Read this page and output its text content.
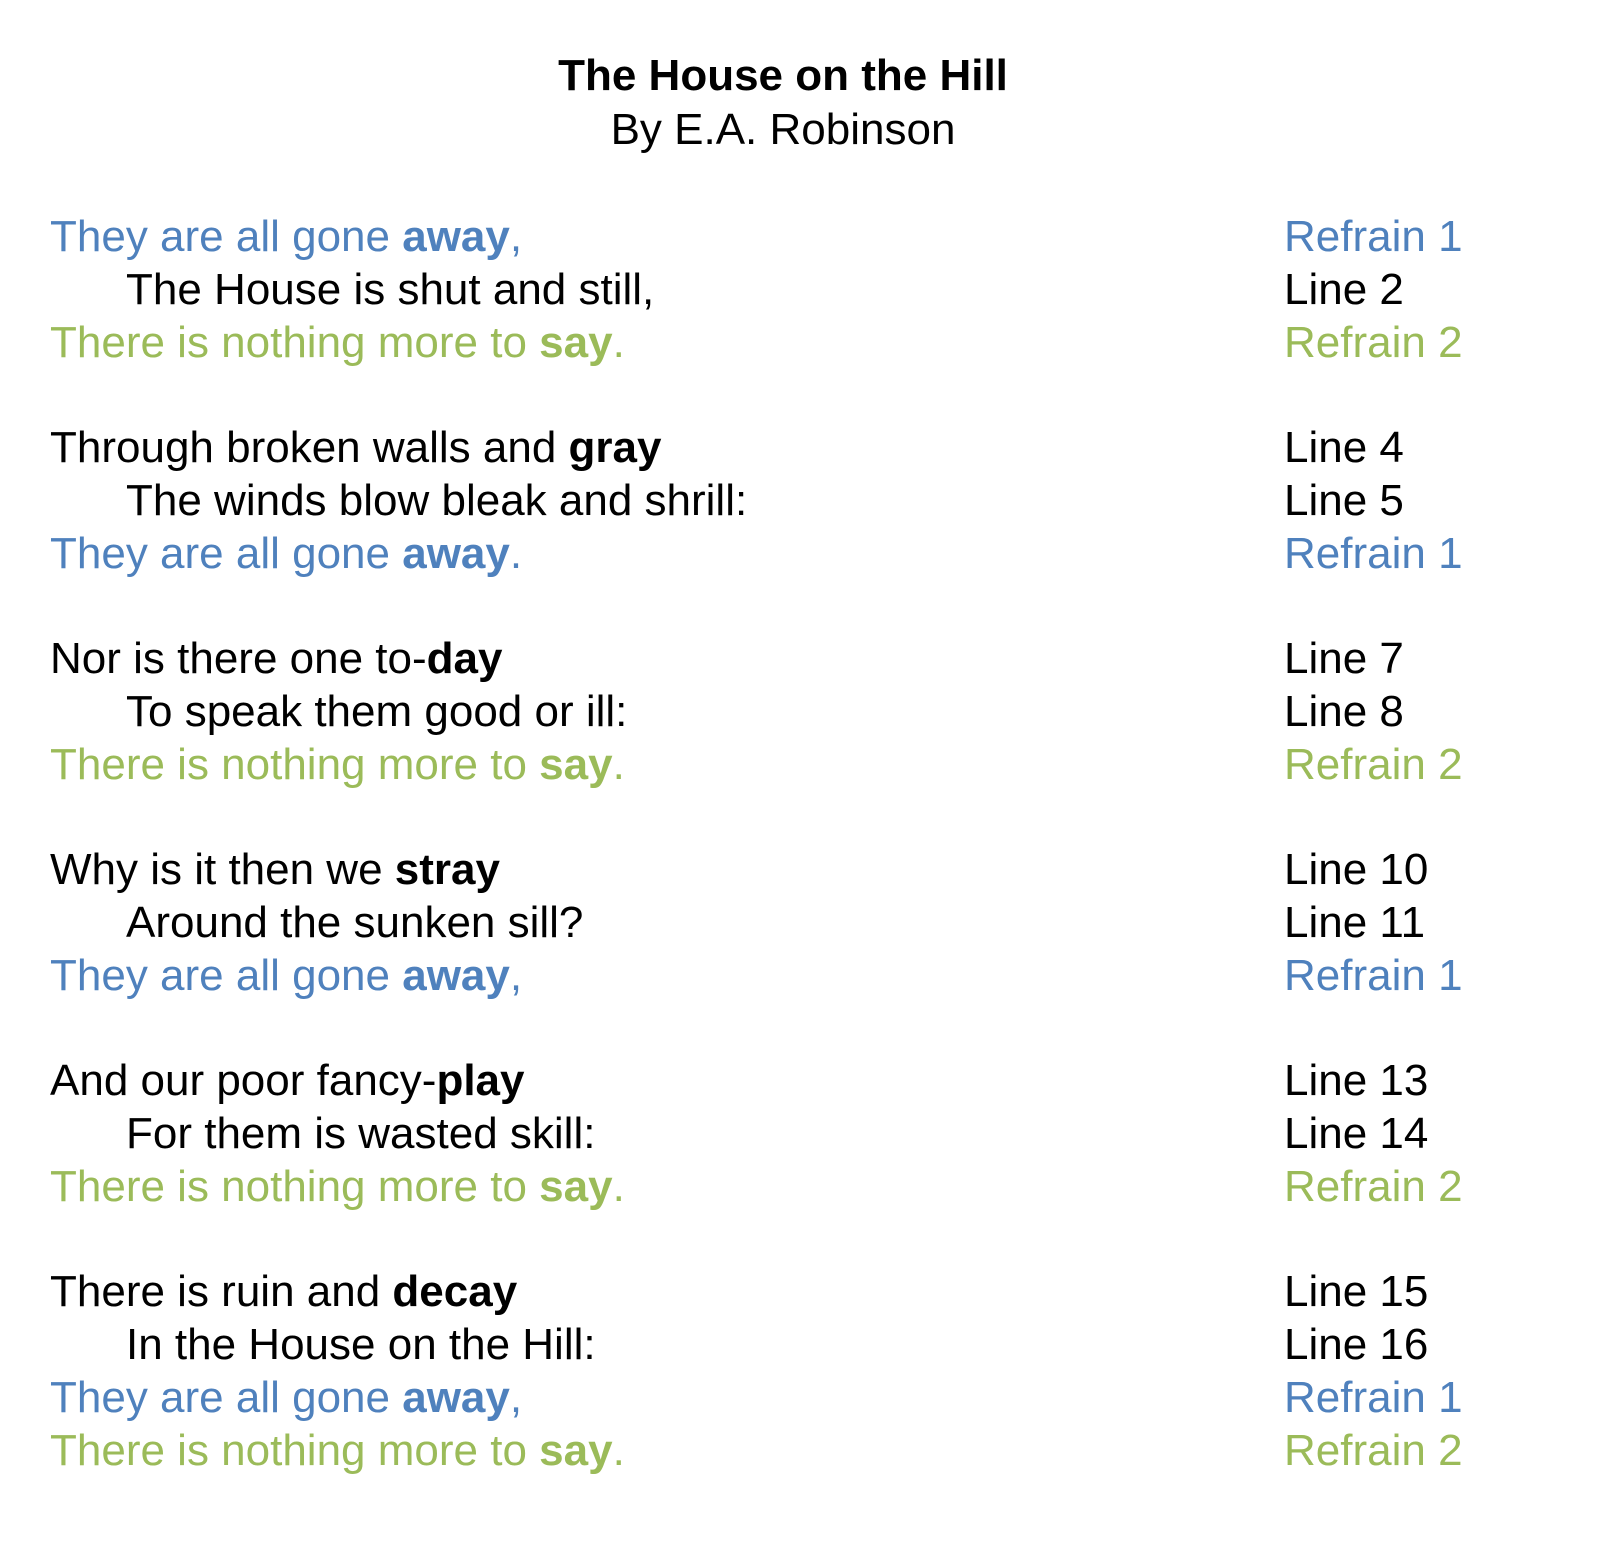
The House on the Hill
By E.A. Robinson
They are all gone away,	Refrain 1
The House is shut and still,	Line 2
There is nothing more to say.	Refrain 2
Through broken walls and gray	Line 4
The winds blow bleak and shrill:	Line 5
They are all gone away.	Refrain 1
Nor is there one to-day	Line 7
To speak them good or ill:	Line 8
There is nothing more to say.	Refrain 2
Why is it then we stray	Line 10
Around the sunken sill?	Line 11
They are all gone away,	Refrain 1
And our poor fancy-play	Line 13
For them is wasted skill:	Line 14
There is nothing more to say.	Refrain 2
There is ruin and decay	Line 15
In the House on the Hill:	Line 16
They are all gone away,	Refrain 1
There is nothing more to say.	Refrain 2
